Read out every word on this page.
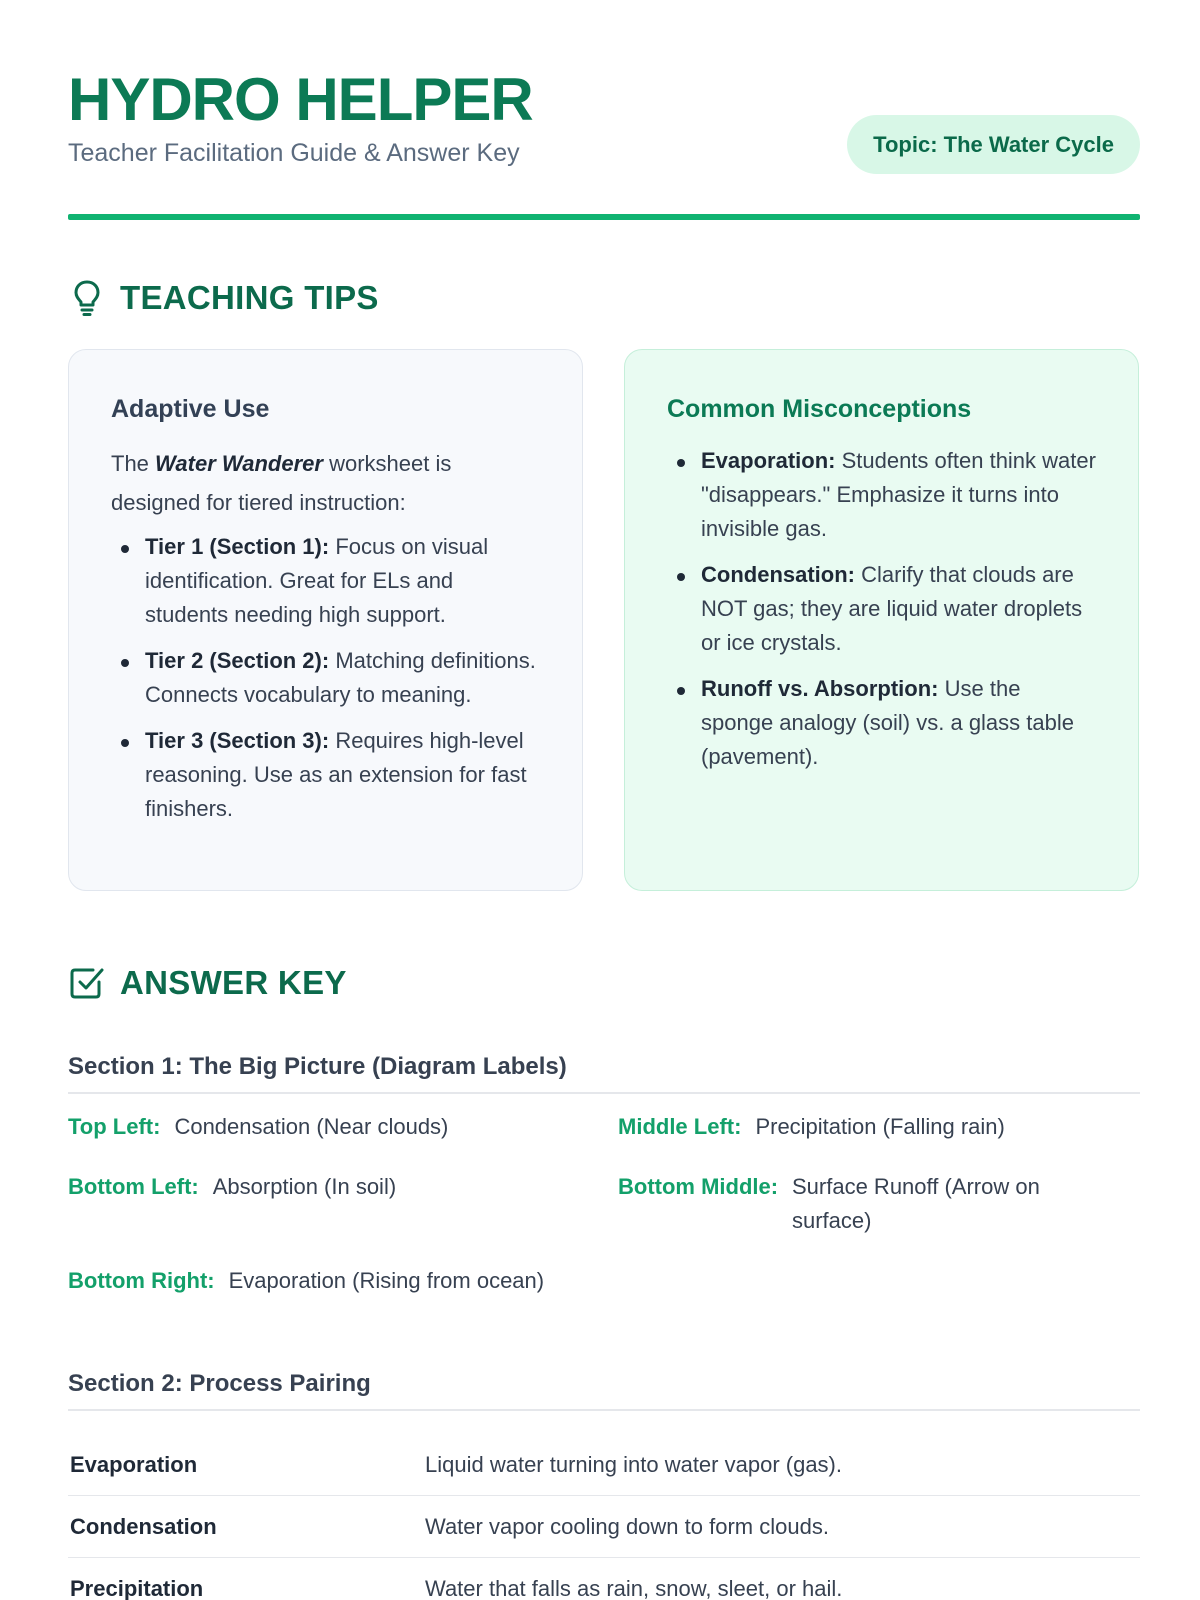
HYDRO HELPER
Teacher Facilitation Guide & Answer Key	Topic: The Water Cycle
TEACHING TIPS
Adaptive Use

The Water Wanderer worksheet is designed for tiered instruction:

Tier 1 (Section 1): Focus on visual identification. Great for ELs and students needing high support.
Tier 2 (Section 2): Matching definitions. Connects vocabulary to meaning.
Tier 3 (Section 3): Requires high-level reasoning. Use as an extension for fast finishers.
Common Misconceptions
Evaporation: Students often think water "disappears." Emphasize it turns into invisible gas.
Condensation: Clarify that clouds are NOT gas; they are liquid water droplets or ice crystals.
Runoff vs. Absorption: Use the sponge analogy (soil) vs. a glass table (pavement).
ANSWER KEY
Section 1: The Big Picture (Diagram Labels)
Top Left: Condensation (Near clouds)	Middle Left: Precipitation (Falling rain)
Bottom Left: Absorption (In soil)	Bottom Middle: Surface Runoff (Arrow on surface)
Bottom Right: Evaporation (Rising from ocean)
Section 2: Process Pairing
Evaporation	Liquid water turning into water vapor (gas).
Condensation	Water vapor cooling down to form clouds.
Precipitation	Water that falls as rain, snow, sleet, or hail.
